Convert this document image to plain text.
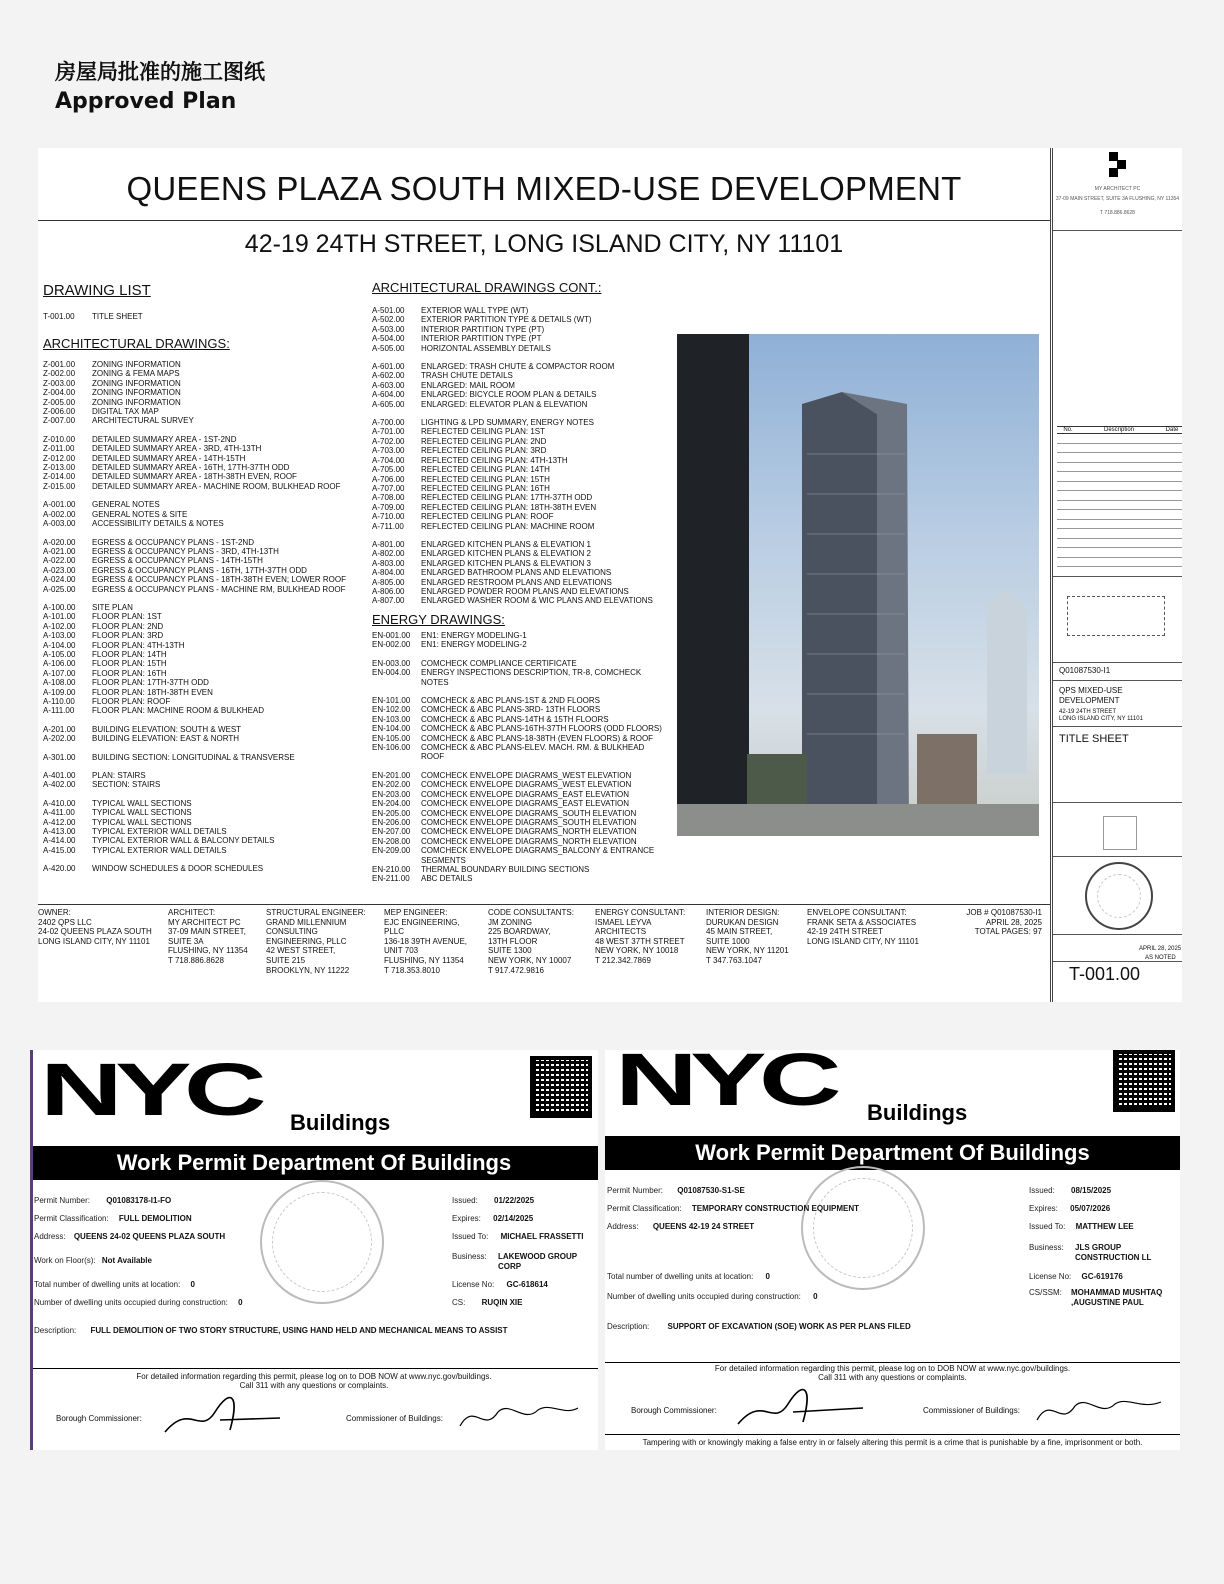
房屋局批准的施工图纸
Approved Plan
QUEENS PLAZA SOUTH MIXED-USE DEVELOPMENT
42-19 24TH STREET, LONG ISLAND CITY, NY 11101
DRAWING LIST
T-001.00	TITLE SHEET
ARCHITECTURAL DRAWINGS:
Z-001.00	ZONING INFORMATION
Z-002.00	ZONING & FEMA MAPS
Z-003.00	ZONING INFORMATION
Z-004.00	ZONING INFORMATION
Z-005.00	ZONING INFORMATION
Z-006.00	DIGITAL TAX MAP
Z-007.00	ARCHITECTURAL SURVEY
Z-010.00	DETAILED SUMMARY AREA - 1ST-2ND
Z-011.00	DETAILED SUMMARY AREA - 3RD, 4TH-13TH
Z-012.00	DETAILED SUMMARY AREA - 14TH-15TH
Z-013.00	DETAILED SUMMARY AREA - 16TH, 17TH-37TH ODD
Z-014.00	DETAILED SUMMARY AREA - 18TH-38TH EVEN, ROOF
Z-015.00	DETAILED SUMMARY AREA - MACHINE ROOM, BULKHEAD ROOF
A-001.00	GENERAL NOTES
A-002.00	GENERAL NOTES & SITE
A-003.00	ACCESSIBILITY DETAILS & NOTES
A-020.00	EGRESS & OCCUPANCY PLANS - 1ST-2ND
A-021.00	EGRESS & OCCUPANCY PLANS - 3RD, 4TH-13TH
A-022.00	EGRESS & OCCUPANCY PLANS - 14TH-15TH
A-023.00	EGRESS & OCCUPANCY PLANS - 16TH, 17TH-37TH ODD
A-024.00	EGRESS & OCCUPANCY PLANS - 18TH-38TH EVEN; LOWER ROOF
A-025.00	EGRESS & OCCUPANCY PLANS - MACHINE RM, BULKHEAD ROOF
A-100.00	SITE PLAN
A-101.00	FLOOR PLAN: 1ST
A-102.00	FLOOR PLAN: 2ND
A-103.00	FLOOR PLAN: 3RD
A-104.00	FLOOR PLAN: 4TH-13TH
A-105.00	FLOOR PLAN: 14TH
A-106.00	FLOOR PLAN: 15TH
A-107.00	FLOOR PLAN: 16TH
A-108.00	FLOOR PLAN: 17TH-37TH ODD
A-109.00	FLOOR PLAN: 18TH-38TH EVEN
A-110.00	FLOOR PLAN: ROOF
A-111.00	FLOOR PLAN: MACHINE ROOM & BULKHEAD
A-201.00	BUILDING ELEVATION: SOUTH & WEST
A-202.00	BUILDING ELEVATION: EAST & NORTH
A-301.00	BUILDING SECTION: LONGITUDINAL & TRANSVERSE
A-401.00	PLAN: STAIRS
A-402.00	SECTION: STAIRS
A-410.00	TYPICAL WALL SECTIONS
A-411.00	TYPICAL WALL SECTIONS
A-412.00	TYPICAL WALL SECTIONS
A-413.00	TYPICAL EXTERIOR WALL DETAILS
A-414.00	TYPICAL EXTERIOR WALL & BALCONY DETAILS
A-415.00	TYPICAL EXTERIOR WALL DETAILS
A-420.00	WINDOW SCHEDULES & DOOR SCHEDULES
ARCHITECTURAL DRAWINGS CONT.:
A-501.00	EXTERIOR WALL TYPE (WT)
A-502.00	EXTERIOR PARTITION TYPE & DETAILS (WT)
A-503.00	INTERIOR PARTITION TYPE (PT)
A-504.00	INTERIOR PARTITION TYPE (PT
A-505.00	HORIZONTAL ASSEMBLY DETAILS
A-601.00	ENLARGED: TRASH CHUTE & COMPACTOR ROOM
A-602.00	TRASH CHUTE DETAILS
A-603.00	ENLARGED: MAIL ROOM
A-604.00	ENLARGED: BICYCLE ROOM PLAN & DETAILS
A-605.00	ENLARGED: ELEVATOR PLAN & ELEVATION
A-700.00	LIGHTING & LPD SUMMARY, ENERGY NOTES
A-701.00	REFLECTED CEILING PLAN: 1ST
A-702.00	REFLECTED CEILING PLAN: 2ND
A-703.00	REFLECTED CEILING PLAN: 3RD
A-704.00	REFLECTED CEILING PLAN: 4TH-13TH
A-705.00	REFLECTED CEILING PLAN: 14TH
A-706.00	REFLECTED CEILING PLAN: 15TH
A-707.00	REFLECTED CEILING PLAN: 16TH
A-708.00	REFLECTED CEILING PLAN: 17TH-37TH ODD
A-709.00	REFLECTED CEILING PLAN: 18TH-38TH EVEN
A-710.00	REFLECTED CEILING PLAN: ROOF
A-711.00	REFLECTED CEILING PLAN: MACHINE ROOM
A-801.00	ENLARGED KITCHEN PLANS & ELEVATION 1
A-802.00	ENLARGED KITCHEN PLANS & ELEVATION 2
A-803.00	ENLARGED KITCHEN PLANS & ELEVATION 3
A-804.00	ENLARGED BATHROOM PLANS AND ELEVATIONS
A-805.00	ENLARGED RESTROOM PLANS AND ELEVATIONS
A-806.00	ENLARGED POWDER ROOM PLANS AND ELEVATIONS
A-807.00	ENLARGED WASHER ROOM & WIC PLANS AND ELEVATIONS
ENERGY DRAWINGS:
EN-001.00	EN1: ENERGY MODELING-1
EN-002.00	EN1: ENERGY MODELING-2
EN-003.00	COMCHECK COMPLIANCE CERTIFICATE
EN-004.00	ENERGY INSPECTIONS DESCRIPTION, TR-8, COMCHECK
NOTES
EN-101.00	COMCHECK & ABC PLANS-1ST & 2ND FLOORS
EN-102.00	COMCHECK & ABC PLANS-3RD- 13TH FLOORS
EN-103.00	COMCHECK & ABC PLANS-14TH & 15TH FLOORS
EN-104.00	COMCHECK & ABC PLANS-16TH-37TH FLOORS (ODD FLOORS)
EN-105.00	COMCHECK & ABC PLANS-18-38TH (EVEN FLOORS) & ROOF
EN-106.00	COMCHECK & ABC PLANS-ELEV. MACH. RM. & BULKHEAD
ROOF
EN-201.00	COMCHECK ENVELOPE DIAGRAMS_WEST ELEVATION
EN-202.00	COMCHECK ENVELOPE DIAGRAMS_WEST ELEVATION
EN-203.00	COMCHECK ENVELOPE DIAGRAMS_EAST ELEVATION
EN-204.00	COMCHECK ENVELOPE DIAGRAMS_EAST ELEVATION
EN-205.00	COMCHECK ENVELOPE DIAGRAMS_SOUTH ELEVATION
EN-206.00	COMCHECK ENVELOPE DIAGRAMS_SOUTH ELEVATION
EN-207.00	COMCHECK ENVELOPE DIAGRAMS_NORTH ELEVATION
EN-208.00	COMCHECK ENVELOPE DIAGRAMS_NORTH ELEVATION
EN-209.00	COMCHECK ENVELOPE DIAGRAMS_BALCONY & ENTRANCE
SEGMENTS
EN-210.00	THERMAL BOUNDARY BUILDING SECTIONS
EN-211.00	ABC DETAILS
OWNER:
2402 QPS LLC
24-02 QUEENS PLAZA SOUTH
LONG ISLAND CITY, NY 11101
ARCHITECT:
MY ARCHITECT PC
37-09 MAIN STREET,
SUITE 3A
FLUSHING, NY 11354
T 718.886.8628
STRUCTURAL ENGINEER:
GRAND MILLENNIUM
CONSULTING
ENGINEERING, PLLC
42 WEST STREET,
SUITE 215
BROOKLYN, NY 11222
MEP ENGINEER:
EJC ENGINEERING,
PLLC
136-18 39TH AVENUE,
UNIT 703
FLUSHING, NY 11354
T 718.353.8010
CODE CONSULTANTS:
JM ZONING
225 BOARDWAY,
13TH FLOOR
SUITE 1300
NEW YORK, NY 10007
T 917.472.9816
ENERGY CONSULTANT:
ISMAEL LEYVA
ARCHITECTS
48 WEST 37TH STREET
NEW YORK, NY 10018
T 212.342.7869
INTERIOR DESIGN:
DURUKAN DESIGN
45 MAIN STREET,
SUITE 1000
NEW YORK, NY 11201
T 347.763.1047
ENVELOPE CONSULTANT:
FRANK SETA & ASSOCIATES
42-19 24TH STREET
LONG ISLAND CITY, NY 11101
JOB # Q01087530-I1
APRIL 28, 2025
TOTAL PAGES: 97
MY ARCHITECT PC
37-09 MAIN STREET, SUITE 3A FLUSHING, NY 11354
T 718.886.8628
No.	Description	Date
Q01087530-I1
QPS MIXED-USE
DEVELOPMENT
42-19 24TH STREET
LONG ISLAND CITY, NY 11101
TITLE SHEET
APRIL 28, 2025
AS NOTED
T-001.00
NYC Buildings
Work Permit Department Of Buildings
Permit Number: Q01083178-I1-FO
Permit Classification: FULL DEMOLITION
Address: QUEENS 24-02 QUEENS PLAZA SOUTH
Work on Floor(s): Not Available
Total number of dwelling units at location: 0
Number of dwelling units occupied during construction: 0
Description: FULL DEMOLITION OF TWO STORY STRUCTURE, USING HAND HELD AND MECHANICAL MEANS TO ASSIST
Issued: 01/22/2025
Expires: 02/14/2025
Issued To: MICHAEL FRASSETTI
Business: LAKEWOOD GROUP CORP
License No: GC-618614
CS: RUQIN XIE
For detailed information regarding this permit, please log on to DOB NOW at www.nyc.gov/buildings.
Call 311 with any questions or complaints.
Borough Commissioner:	Commissioner of Buildings:
NYC Buildings
Work Permit Department Of Buildings
Permit Number: Q01087530-S1-SE
Permit Classification: TEMPORARY CONSTRUCTION EQUIPMENT
Address: QUEENS 42-19 24 STREET
Total number of dwelling units at location: 0
Number of dwelling units occupied during construction: 0
Description: SUPPORT OF EXCAVATION (SOE) WORK AS PER PLANS FILED
Issued: 08/15/2025
Expires: 05/07/2026
Issued To: MATTHEW LEE
Business: JLS GROUP CONSTRUCTION LL
License No: GC-619176
CS/SSM: MOHAMMAD MUSHTAQ ,AUGUSTINE PAUL
For detailed information regarding this permit, please log on to DOB NOW at www.nyc.gov/buildings.
Call 311 with any questions or complaints.
Borough Commissioner:	Commissioner of Buildings:
Tampering with or knowingly making a false entry in or falsely altering this permit is a crime that is punishable by a fine, imprisonment or both.
